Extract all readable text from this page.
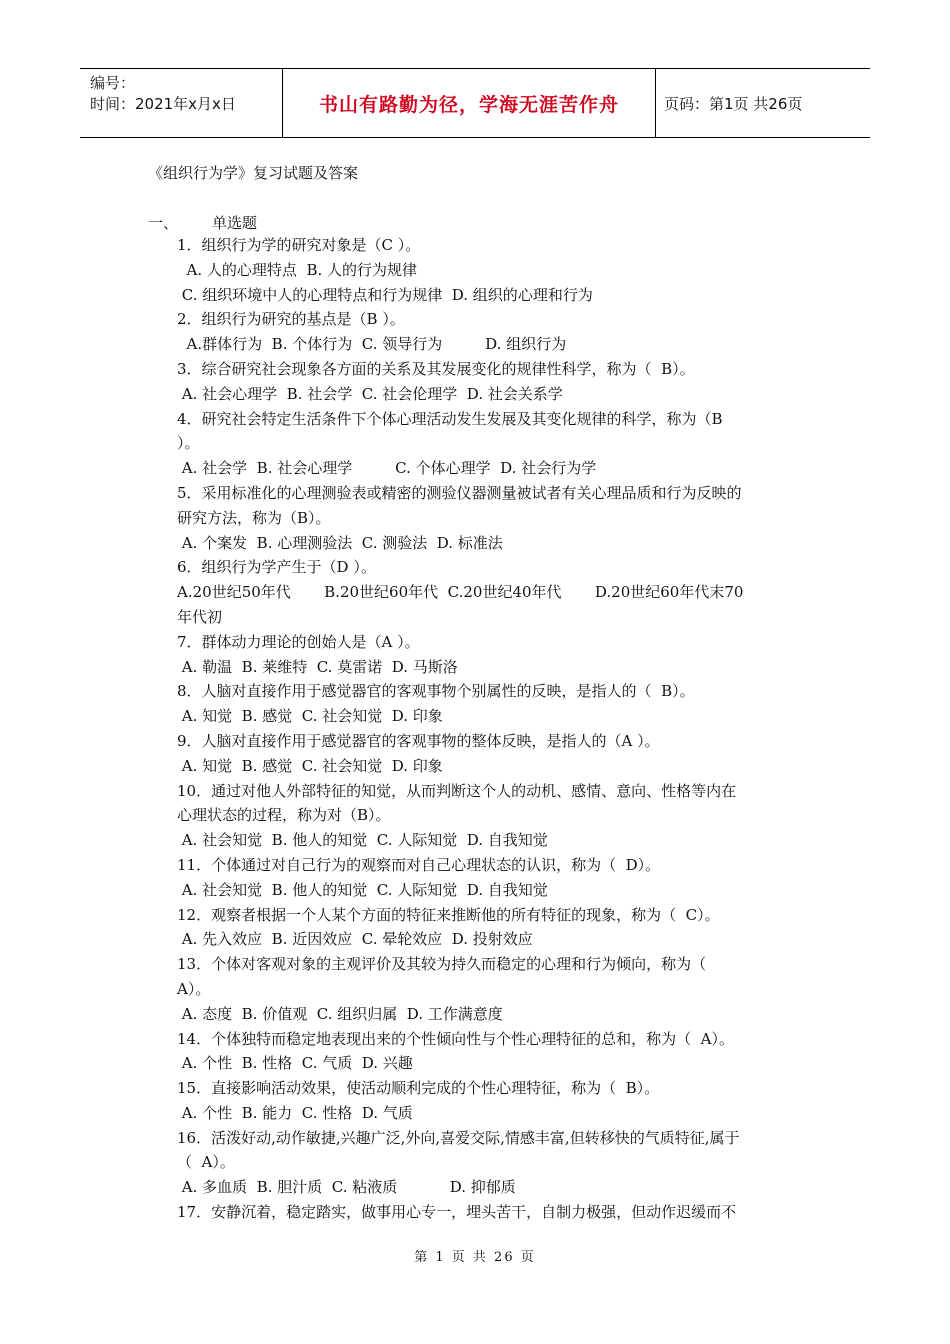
编号：
时间：2021年x月x日	书山有路勤为径，学海无涯苦作舟	页码：第1页 共26页
《组织行为学》复习试题及答案
一、 单选题
1．组织行为学的研究对象是（C ）。
A. 人的心理特点  B. 人的行为规律
C. 组织环境中人的心理特点和行为规律  D. 组织的心理和行为
2．组织行为研究的基点是（B ）。
A.群体行为  B. 个体行为  C. 领导行为         D. 组织行为
3．综合研究社会现象各方面的关系及其发展变化的规律性科学，称为（  B）。
A. 社会心理学  B. 社会学  C. 社会伦理学  D. 社会关系学
4．研究社会特定生活条件下个体心理活动发生发展及其变化规律的科学，称为（B
）。
A. 社会学  B. 社会心理学         C. 个体心理学  D. 社会行为学
5．采用标准化的心理测验表或精密的测验仪器测量被试者有关心理品质和行为反映的
研究方法，称为（B）。
A. 个案发  B. 心理测验法  C. 测验法  D. 标准法
6．组织行为学产生于（D ）。
A.20世纪50年代       B.20世纪60年代  C.20世纪40年代       D.20世纪60年代末70
年代初
7．群体动力理论的创始人是（A ）。
A. 勒温  B. 莱维特  C. 莫雷诺  D. 马斯洛
8．人脑对直接作用于感觉器官的客观事物个别属性的反映，是指人的（  B）。
A. 知觉  B. 感觉  C. 社会知觉  D. 印象
9．人脑对直接作用于感觉器官的客观事物的整体反映，是指人的（A ）。
A. 知觉  B. 感觉  C. 社会知觉  D. 印象
10．通过对他人外部特征的知觉，从而判断这个人的动机、感情、意向、性格等内在
心理状态的过程，称为对（B）。
A. 社会知觉  B. 他人的知觉  C. 人际知觉  D. 自我知觉
11．个体通过对自己行为的观察而对自己心理状态的认识，称为（  D）。
A. 社会知觉  B. 他人的知觉  C. 人际知觉  D. 自我知觉
12．观察者根据一个人某个方面的特征来推断他的所有特征的现象，称为（  C）。
A. 先入效应  B. 近因效应  C. 晕轮效应  D. 投射效应
13．个体对客观对象的主观评价及其较为持久而稳定的心理和行为倾向，称为（
A）。
A. 态度  B. 价值观  C. 组织归属  D. 工作满意度
14．个体独特而稳定地表现出来的个性倾向性与个性心理特征的总和，称为（  A）。
A. 个性  B. 性格  C. 气质  D. 兴趣
15．直接影响活动效果，使活动顺利完成的个性心理特征，称为（  B）。
A. 个性  B. 能力  C. 性格  D. 气质
16．活泼好动,动作敏捷,兴趣广泛,外向,喜爱交际,情感丰富,但转移快的气质特征,属于
（  A）。
A. 多血质  B. 胆汁质  C. 粘液质           D. 抑郁质
17．安静沉着，稳定踏实，做事用心专一，埋头苦干，自制力极强，但动作迟缓而不
第 1 页 共 26 页
